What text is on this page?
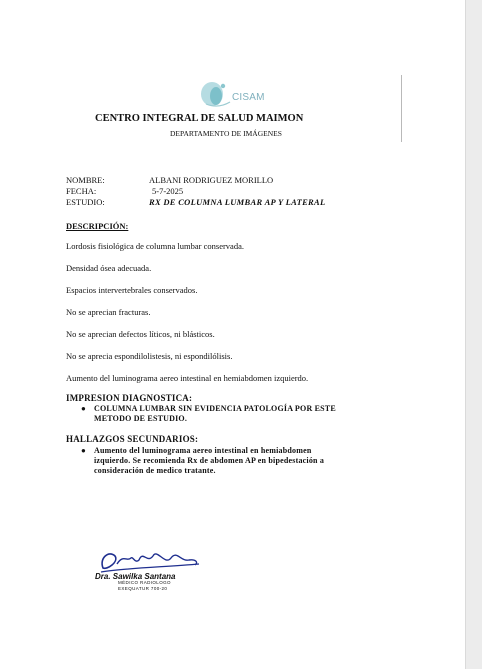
CISAM
CENTRO INTEGRAL DE SALUD MAIMON
DEPARTAMENTO DE IMÁGENES
NOMBRE:	ALBANI RODRIGUEZ MORILLO
FECHA:	5-7-2025
ESTUDIO:	RX DE COLUMNA LUMBAR AP Y LATERAL
DESCRIPCIÓN:
Lordosis fisiológica de columna lumbar conservada.
Densidad ósea adecuada.
Espacios intervertebrales conservados.
No se aprecian fracturas.
No se aprecian defectos líticos, ni blásticos.
No se aprecia espondilolistesis, ni espondilólisis.
Aumento del luminograma aereo intestinal en hemiabdomen izquierdo.
IMPRESION DIAGNOSTICA:
● COLUMNA LUMBAR SIN EVIDENCIA PATOLOGÍA POR ESTE
METODO DE ESTUDIO.
HALLAZGOS SECUNDARIOS:
● Aumento del luminograma aereo intestinal en hemiabdomen
izquierdo. Se recomienda Rx de abdomen AP en bipedestación a
consideración de medico tratante.
Dra. Sawilka Santana
MÉDICO RADIOLOGO
EXEQUATUR 700-20
